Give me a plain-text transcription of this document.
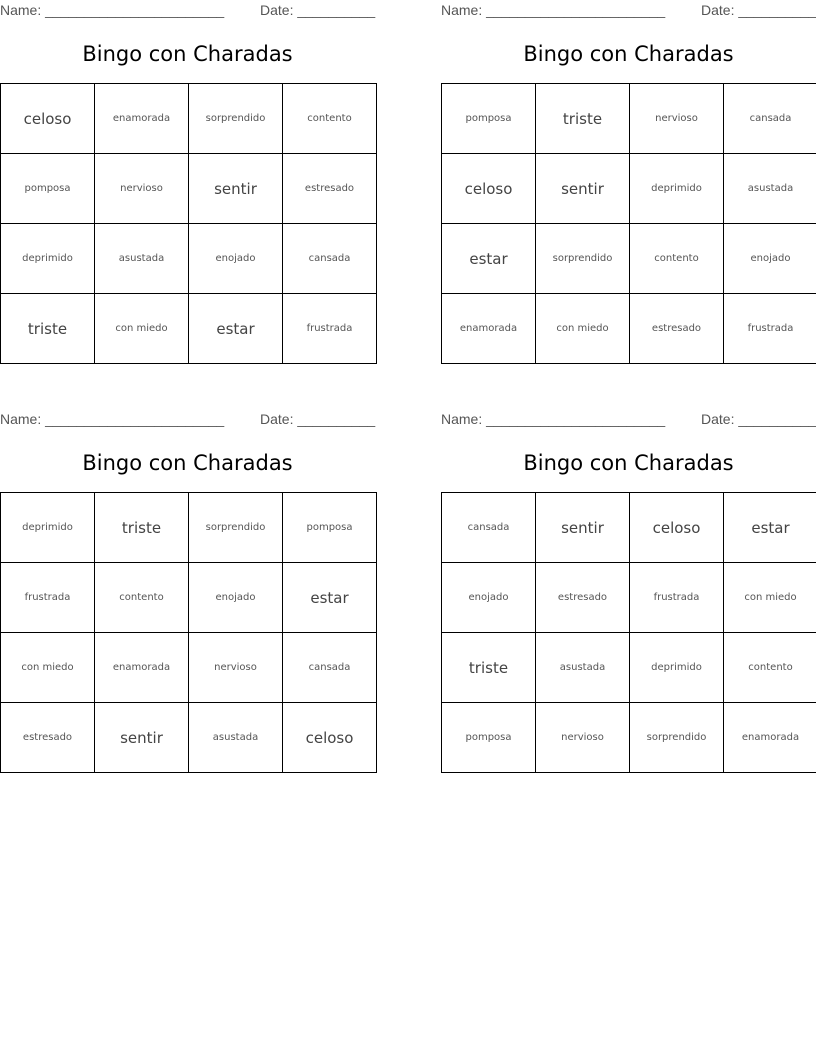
Name: _______________________	Date: __________
Bingo con Charadas
celoso	enamorada	sorprendido	contento
pomposa	nervioso	sentir	estresado
deprimido	asustada	enojado	cansada
triste	con miedo	estar	frustrada
Name: _______________________	Date: __________
Bingo con Charadas
pomposa	triste	nervioso	cansada
celoso	sentir	deprimido	asustada
estar	sorprendido	contento	enojado
enamorada	con miedo	estresado	frustrada
Name: _______________________	Date: __________
Bingo con Charadas
deprimido	triste	sorprendido	pomposa
frustrada	contento	enojado	estar
con miedo	enamorada	nervioso	cansada
estresado	sentir	asustada	celoso
Name: _______________________	Date: __________
Bingo con Charadas
cansada	sentir	celoso	estar
enojado	estresado	frustrada	con miedo
triste	asustada	deprimido	contento
pomposa	nervioso	sorprendido	enamorada
